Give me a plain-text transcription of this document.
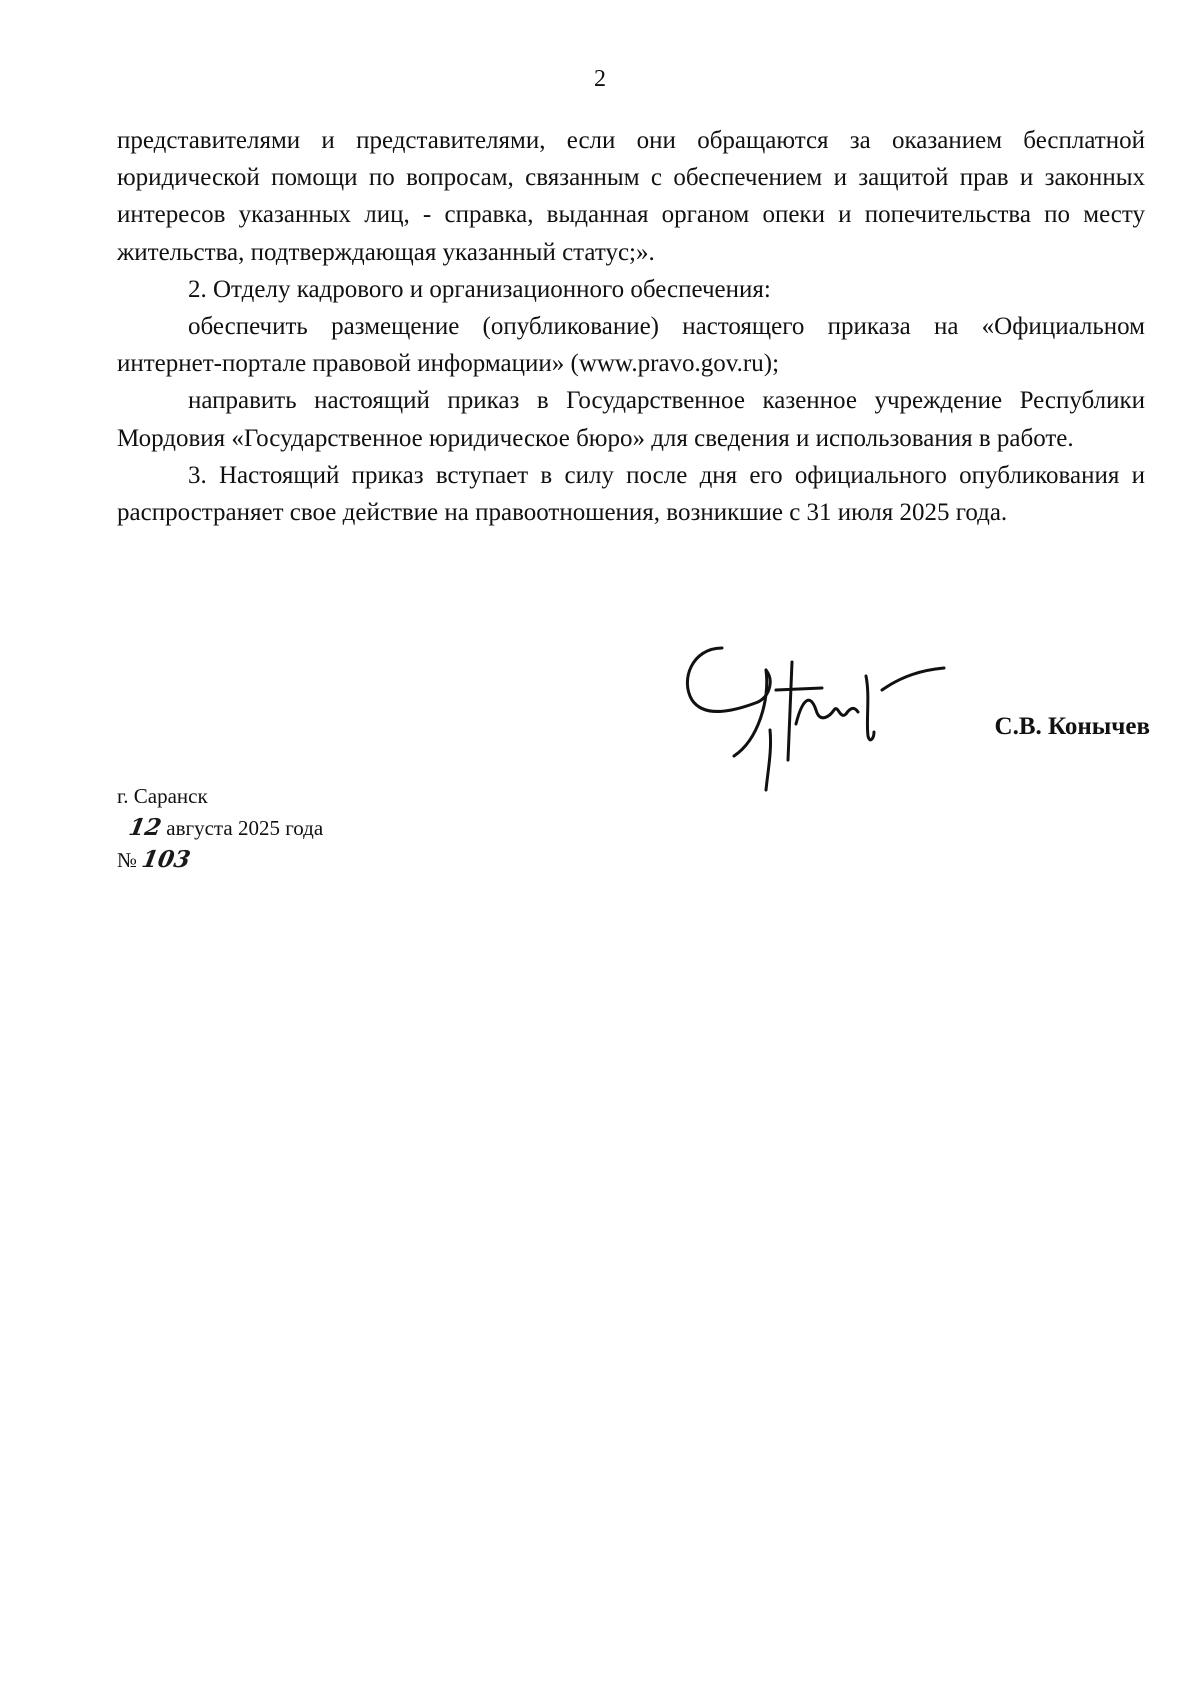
2

представителями и представителями, если они обращаются за оказанием бесплатной юридической помощи по вопросам, связанным с обеспечением и защитой прав и законных интересов указанных лиц, - справка, выданная органом опеки и попечительства по месту жительства, подтверждающая указанный статус;».

2. Отделу кадрового и организационного обеспечения:

обеспечить размещение (опубликование) настоящего приказа на «Официальном интернет-портале правовой информации» (www.pravo.gov.ru);

направить настоящий приказ в Государственное казенное учреждение Республики Мордовия «Государственное юридическое бюро» для сведения и использования в работе.

3. Настоящий приказ вступает в силу после дня его официального опубликования и распространяет свое действие на правоотношения, возникшие с 31 июля 2025 года.

С.В. Конычев
г. Саранск
12 августа 2025 года
№ 103
